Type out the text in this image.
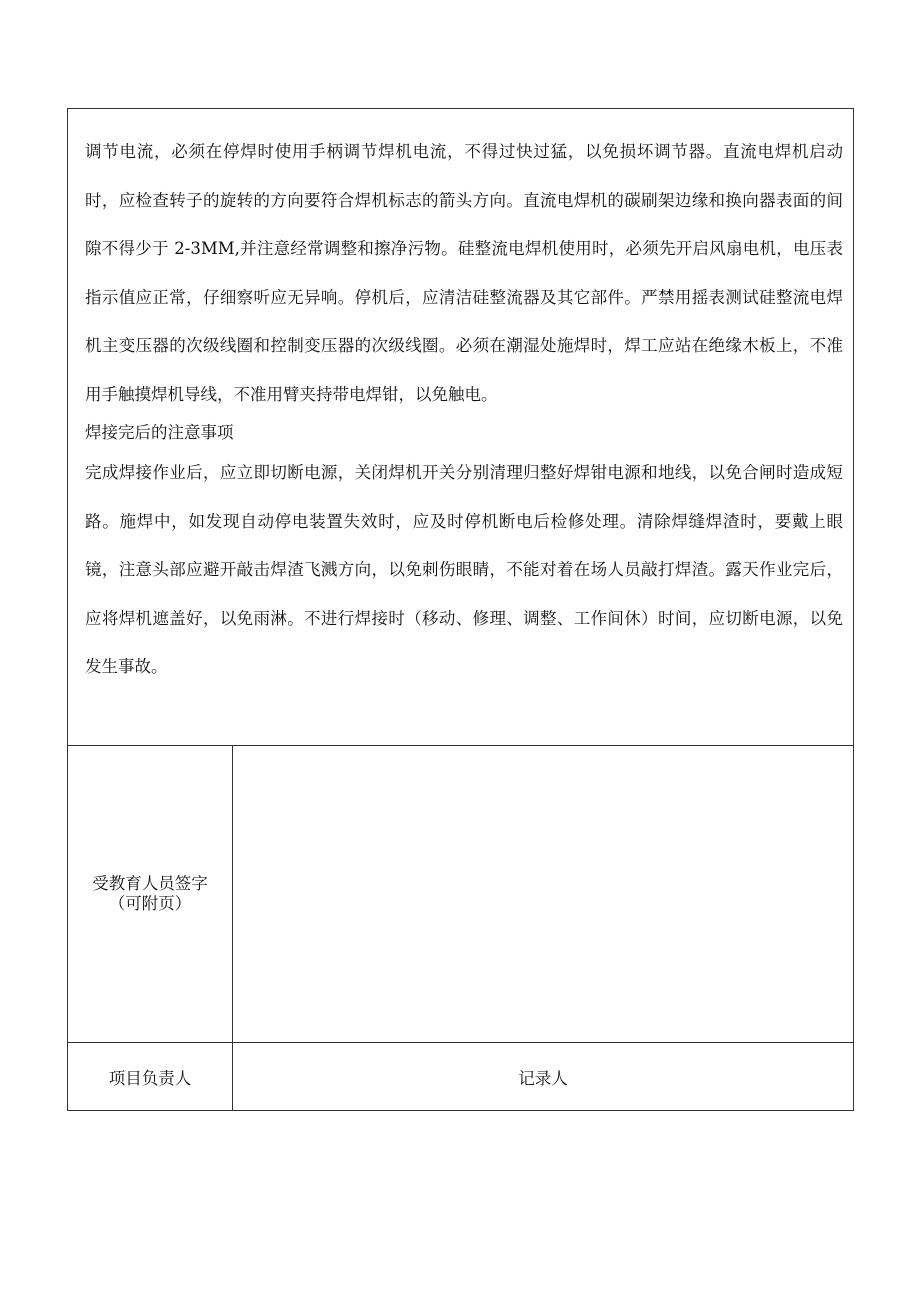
调节电流，必须在停焊时使用手柄调节焊机电流，不得过快过猛，以免损坏调节器。直流电焊机启动时，应检查转子的旋转的方向要符合焊机标志的箭头方向。直流电焊机的碳刷架边缘和换向器表面的间隙不得少于 2-3MM,并注意经常调整和擦净污物。硅整流电焊机使用时，必须先开启风扇电机，电压表指示值应正常，仔细察听应无异响。停机后，应清洁硅整流器及其它部件。严禁用摇表测试硅整流电焊机主变压器的次级线圈和控制变压器的次级线圈。必须在潮湿处施焊时，焊工应站在绝缘木板上，不准用手触摸焊机导线，不准用臂夹持带电焊钳，以免触电。

焊接完后的注意事项

完成焊接作业后，应立即切断电源，关闭焊机开关分别清理归整好焊钳电源和地线，以免合闸时造成短路。施焊中，如发现自动停电装置失效时，应及时停机断电后检修处理。清除焊缝焊渣时，要戴上眼镜，注意头部应避开敲击焊渣飞溅方向，以免刺伤眼睛，不能对着在场人员敲打焊渣。露天作业完后，应将焊机遮盖好，以免雨淋。不进行焊接时（移动、修理、调整、工作间休）时间，应切断电源，以免发生事故。	

受教育人员签字
（可附页）	

项目负责人	记录人
